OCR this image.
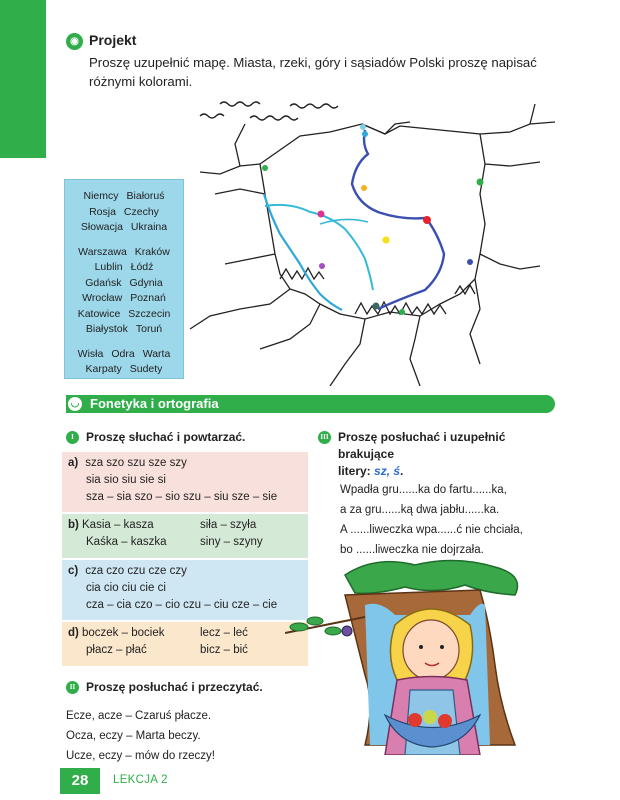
◉ Projekt
Proszę uzupełnić mapę. Miasta, rzeki, góry i sąsiadów Polski proszę napisać różnymi kolorami.
Niemcy Białoruś
Rosja Czechy
Słowacja Ukraina
Warszawa Kraków
Lublin Łódź
Gdańsk Gdynia
Wrocław Poznań
Katowice Szczecin
Białystok Toruń
Wisła Odra Warta
Karpaty Sudety
◡ Fonetyka i ortografia
I	Proszę słuchać i powtarzać.
a) sza szo szu sze szy
sia sio siu sie si
sza – sia szo – sio szu – siu sze – sie
b) Kasia – kasza	siła – szyła
Kaśka – kaszka	siny – szyny
c) cza czo czu cze czy
cia cio ciu cie ci
cza – cia czo – cio czu – ciu cze – cie
d) boczek – bociek	lecz – leć
płacz – płać	bicz – bić
II Proszę posłuchać i przeczytać.
Ecze, acze – Czaruś płacze.
Ocza, eczy – Marta beczy.
Ucze, eczy – mów do rzeczy!
III Proszę posłuchać i uzupełnić brakujące
litery: sz, ś.
Wpadła gru......ka do fartu......ka,
a za gru......ką dwa jabłu......ka.
A ......liweczka wpa......ć nie chciała,
bo ......liweczka nie dojrzała.
28	LEKCJA 2
